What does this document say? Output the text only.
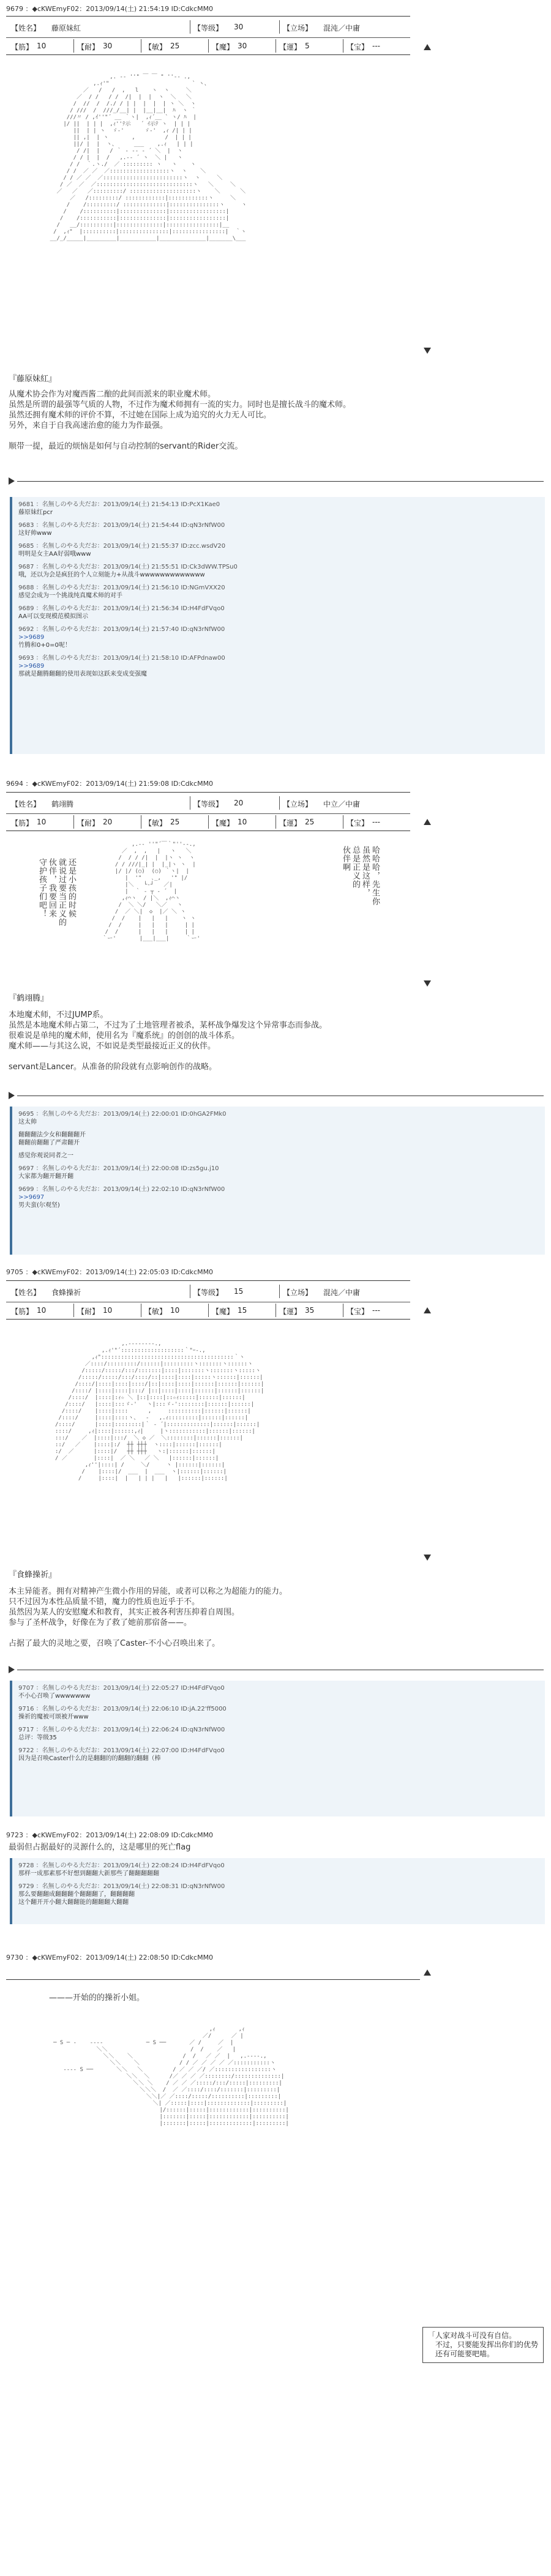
9679 ：◆cKWEmyF02：2013/09/14(土) 21:54:19 ID:CdkcMM0
【姓名】 藤原妹紅	【等级】 30	【立场】 混沌／中庸
【筋】 10	【耐】 30	【敏】 25	【魔】 30	【運】 5	【宝】 ---

,. -‐ ''" ￣ ￣ " ''‐- .,
,.ｨ'"                         ` ヽ、
／   /   /  ,   l    ヽ  ヽ     ＼
／  / /   / /  /|  |  |  ヽ  ＼   ＼
/  //  /  /./ / | |  |  |  | ヽ ＼  ヽ
/ ///  /  ///_/__| |  |__|__|  ﾊ  ヽ ｀
///〃 / ,ｲ''"´ __ ｀ヽ|  ,ｨ´__ ` ヽ/ ﾊ  |
|/ ||  | | |  ,ｨ''ﾃ示   ´ ｲ示ﾃ ヽ  | | |
||  | | ヽ  ゞ-'      ゞ-'  ,ｨ /| | |
|| ,|  | ヽ       ,         /  | | |
||/ |  |  ヽ、     ___    ,.ｨ   | | |
/ /|  |   / ｀ ‐ -- ‐ ´ ＼  |  ヽ
/ / |  |  /   ,.-‐ ´ ヽ  ＼ |   ヽ
/ /  ｀.ヽ./  ／ ::::::::: ヽ   ヽ    ヽ
/ /  ／ ／  ／::::::::::::::::::ヽ  ヽ    ＼
/ / ／ ／  ／::::::::::::::::::::::::ヽ  ヽ     ＼
/ ／  ／  ／:::::::::::::::::::::::::::::ヽ   ＼     ＼
／   ／   ／:::::::::/ ::::::::::::::::::::ヽ    ＼      ＼
／   /:::::::::/ ::::::::::::|::::::::::::ヽ     ＼
/    /:::::::::/ :::::::::::::|:::::::::::::::ヽ     ヽ
/    /::::::::::|::::::::::::::|:::::::::::::::::|
/    /:::::::::::|::::::::::::::|:::::::::::::::::|
/   __/::::::::::|::::::::::::::|::::::::::::::::|__
/  ,ｨ"  |::::::::::|:::::::::::::::|::::::::::::::::|  ｀ヽ
__/_/_____|_________|___________|______________|_______\___

『藤原妹紅』
从魔术协会作为对魔西酱二酿的此间而派来的职业魔术师。
虽然是所谓的最强等气质的人物，不过作为魔术师拥有一流的实力。同时也是擅长战斗的魔术师。
虽然还拥有魔术师的评价不算，不过她在国际上成为追究的火力无人可比。
另外，来自于自我高速治愈的能力为作最强。
顺带一提，最近的烦恼是如何与自动控制的servant的Rider交流。
9681 ：名無しのやる夫だお：2013/09/14(土) 21:54:13 ID:PcX1Kae0
藤原妹红pcr
9683 ：名無しのやる夫だお：2013/09/14(土) 21:54:44 ID:qN3rNfW00
这好帅www
9685 ：名無しのやる夫だお：2013/09/14(土) 21:55:37 ID:zcc.wsdV20
明明是女主AA好弱哦www
9687 ：名無しのやる夫だお：2013/09/14(土) 21:55:51 ID:Ck3dWW.TPSu0
哦，还以为会是疯狂的个人立刻能力+从战斗wwwwwwwwwwwww
9688 ：名無しのやる夫だお：2013/09/14(土) 21:56:10 ID:NGmVXX20
感觉会成为一个挑战纯真魔术师的对手
9689 ：名無しのやる夫だお：2013/09/14(土) 21:56:34 ID:H4FdFVqo0
AA可以变现模范模拟图示
9692 ：名無しのやる夫だお：2013/09/14(土) 21:57:40 ID:qN3rNfW00
>>9689
竹腾和0+0=0呢！
9693 ：名無しのやる夫だお：2013/09/14(土) 21:58:10 ID:AFPdnaw00
>>9689
那就是翻腾翻翻的使用表现如这跃来变成变强魔
9694 ：◆cKWEmyF02：2013/09/14(土) 21:59:08 ID:CdkcMM0
【姓名】 鹤翊腾	【等级】 20	【立场】 中立／中庸
【筋】 10	【耐】 20	【敏】 25	【魔】 10	【運】 25	【宝】 ---
还是小孩的时候
就说过要当正义的
伙伴，我要回来
守护孩子们吧！

,.-‐ ''"´￣｀"''‐-.,
／  ,  ,   |   ヽ   ＼
/  / / /|  |  |ヽ ヽ  ヽ
/ / ///|_| |  |_|ヽ ヽ  |
|/ |/ (○)  (○) ｀ヽ|  |
|  '"   ､_,   '" |/
|＼   └‐┘   ／|
|  ｀ ‐ ┬ ‐ ´  |
,ｨ⌒ヽ  / |＼  ,ｨ⌒ヽ
/  ＼ ＼/   ＼／   ヽ
/  ／ ＼|  ◇  |／ ＼ ヽ
/  /    |   |   |    ヽ ヽ
/  /     |   |   |     | |
/  /      |   |   |     | |
｀ー'       |___|___|     ｀ー'

哈哈哈，先生你
虽然是这样，
总是正义的
伙伴啊
『鹤翊腾』
本地魔术师，不过JUMP系。
虽然是本地魔术师占第二，不过为了土地管理者被杀，某杯战争爆发这个异常事态而参战。
很难说是单纯的魔术师，使用名为『魔系统』的创创的战斗体系。
魔术师——与其这么说，不如说是类型最接近正义的伙伴。
servant是Lancer。从准备的阶段就有点影响创作的战略。
9695 ：名無しのやる夫だお：2013/09/14(土) 22:00:01 ID:0hGA2FMk0
这太帅
翻翻翻法少女和翻翻翻开
翻翻前翻翻了严肃翻开
感觉你观说同者之一
9697 ：名無しのやる夫だお：2013/09/14(土) 22:00:08 ID:zs5gu.j10
大家都为翻开翻开翻
9699 ：名無しのやる夫だお：2013/09/14(土) 22:02:10 ID:qN3rNfW00
>>9697
男夫蛮(尔观坚)
9705 ：◆cKWEmyF02：2013/09/14(土) 22:05:03 ID:CdkcMM0
【姓名】 食蜂操祈	【等级】 15	【立场】 混沌／中庸
【筋】 10	【耐】 10	【敏】 10	【魔】 15	【運】 35	【宝】 ---

,.--‐‐‐‐--.,
,.ｨ'"´:::::::::::::::::::｀"ｰ-.,
,ｨ"::::::::::::::::::::::::::::::::::::::::｀ヽ
／::::/:::::::::/::::::|:::::::::ヽ:::::::ヽ::::::ヽ
/:::::/:::::/:::/:::::::|::::|:::::::ヽ:::::::ヽ:::::ヽ
/:::::/:::::/:::/::::/::|::::|::::|:::::ヽ::::::|::::::|
/::::/|::::|::::|::::/|::|::::|::::|::::::|::::::|::::::|
/::::/ |::::|::::|:::/ |::|::::|::::|::::::|::::::|::::::|
/::::/  |::::|:ｨ☆ ＼ |::|::::|::☆ｨ:::::|::::::|::::::|
/::::/   |::::|:::ゞ-'   ヽ|:::ゞ-'::::::::|::::::|::::::|
/::::/    |::::|::::      ,     ::::::::::|::::::|::::::|
/::::/     |::::|::::ヽ、  ‐   ,.ｨ:::::::::|::::::|::::::|
/::::/      |::::|::::::::|｀ ‐ ´|:::::::::::::|::::::|::::::|
::::/     ,ｨ|::::|::::::,ｨ|     |ヽ:::::::::::|::::::|::::::|
:::/    ／  |::::|:::/  ＼ ◇ ／  ＼::::::::|::::::|::::::|
::/   ／    |::::|:/  ┼┼ ┼┼┼  ヽ::::|::::::|::::::|
:/  ／      |::::|/   ┼┼ ┼┼┼   ヽ:|::::::|::::::|
/ ／        |::::|  ／ ＼   ／ ＼   |::::::|::::::|
,ｨ''|::::| /     ＼/     ヽ |::::::|::::::|
/    |::::|/  ___  |  ___  ヽ|::::::|::::::|
/     |::::|  |   | | |   |   |::::::|::::::|

『食蜂操祈』
本主异能者。拥有对精神产生微小作用的异能，或者可以称之为超能力的能力。
只不过因为本性品质量不错，魔力的性质也近乎于不。
虽然因为某人的安慰魔术和教育，其实正被各利害压抑着自周围。
参与了圣杯战争，好像在为了救了她前那宿备——。
占据了最大的灵地之要，召唤了Caster-不小心召唤出来了。
9707 ：名無しのやる夫だお：2013/09/14(土) 22:05:27 ID:H4FdFVqo0
不小心召唤了wwwwwww
9716 ：名無しのやる夫だお：2013/09/14(土) 22:06:10 ID:jA.22'ff5000
操祈的魔被可颂被开www
9717 ：名無しのやる夫だお：2013/09/14(土) 22:06:24 ID:qN3rNfW00
总评：等级35
9722 ：名無しのやる夫だお：2013/09/14(土) 22:07:00 ID:H4FdFVqo0
因为是召唤Caster什么的是翻翻的的翻翻的翻翻（棒
9723 ：◆cKWEmyF02：2013/09/14(土) 22:08:09 ID:CdkcMM0
最弱但占据最好的灵源什么的，这是哪里的死亡flag
9728 ：名無しのやる夫だお：2013/09/14(土) 22:08:24 ID:H4FdFVqo0
那样一成那素那不好想到翻翻大新那些了翻翻翻翻翻
9729 ：名無しのやる夫だお：2013/09/14(土) 22:08:31 ID:qN3rNfW00
那么要翻翻成翻翻翻个翻翻翻了，翻翻翻翻
这个翻开开小翻大翻翻能的翻翻翻大翻翻
9730 ：◆cKWEmyF02：2013/09/14(土) 22:08:50 ID:CdkcMM0
———开始的的操祈小姐。

,ｨ       ,ｨ
／/      ／ |
─ S ─ ‐    ‐‐‐‐             ─ S ──       ／ /     ／  |
＼＼                         /  /    ／   |
＼＼    ＼               /  /   ／ ／  |   ,.-‐‐-.,
＼＼    ＼            / / ／ ／ ／ ／ ／:::::::::::ヽ
‐‐‐‐ S ──       ＼＼   ＼         / ／ ／ ／/ ／:::::::::::::::::ヽ
＼＼  ＼      /／ ／ ／ ／::::::::/::::::::::::::|
＼＼ ＼    / ／ ／ ／:::::/:::/:::::|:::::::::|
＼＼＼  /  ／ ／::::/::::/:::::::|:::::::::|
＼＼|／ ／::::/:::::/::::::::::|:::::::::|
＼| ／:::::|::::|:::::::::::::|:::::::::|
|/::::::|:::::|::::::::::::|::::::::::|
|:::::::|:::::|::::::::::::|::::::::::|
|:::::::|:::::|:::::::::::::|:::::::::|

「人家对战斗可没有自信。
　不过，只要能发挥出你们的优势
　还有可能要吧喵。
